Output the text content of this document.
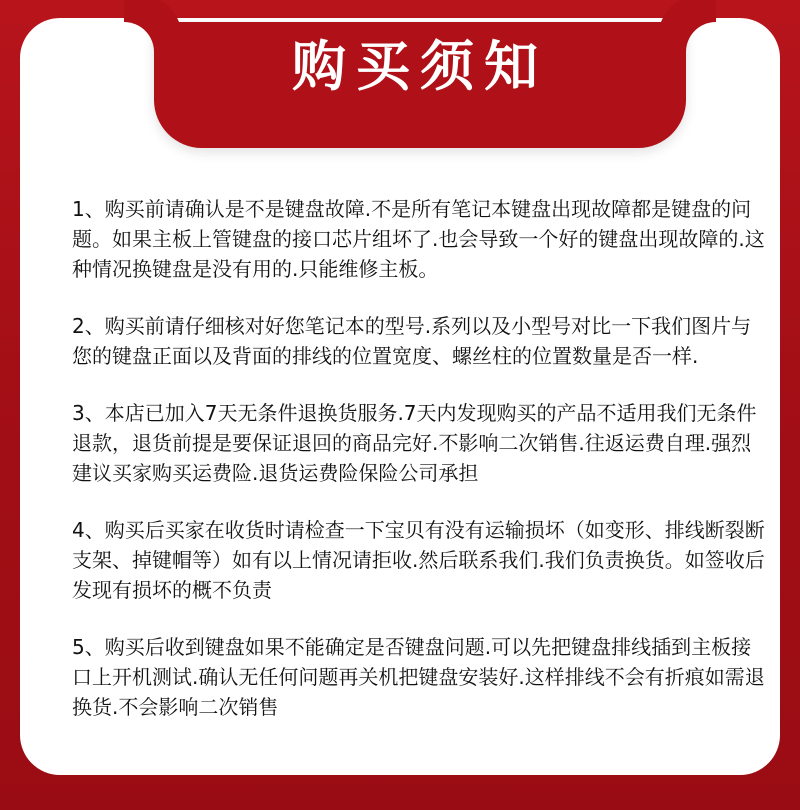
购买须知

1、购买前请确认是不是键盘故障.不是所有笔记本键盘出现故障都是键盘的问题。如果主板上管键盘的接口芯片组坏了.也会导致一个好的键盘出现故障的.这种情况换键盘是没有用的.只能维修主板。

2、购买前请仔细核对好您笔记本的型号.系列以及小型号对比一下我们图片与您的键盘正面以及背面的排线的位置宽度、螺丝柱的位置数量是否一样.

3、本店已加入7天无条件退换货服务.7天内发现购买的产品不适用我们无条件退款，退货前提是要保证退回的商品完好.不影响二次销售.往返运费自理.强烈建议买家购买运费险.退货运费险保险公司承担

4、购买后买家在收货时请检查一下宝贝有没有运输损坏（如变形、排线断裂断支架、掉键帽等）如有以上情况请拒收.然后联系我们.我们负责换货。如签收后发现有损坏的概不负责

5、购买后收到键盘如果不能确定是否键盘问题.可以先把键盘排线插到主板接口上开机测试.确认无任何问题再关机把键盘安装好.这样排线不会有折痕如需退换货.不会影响二次销售
